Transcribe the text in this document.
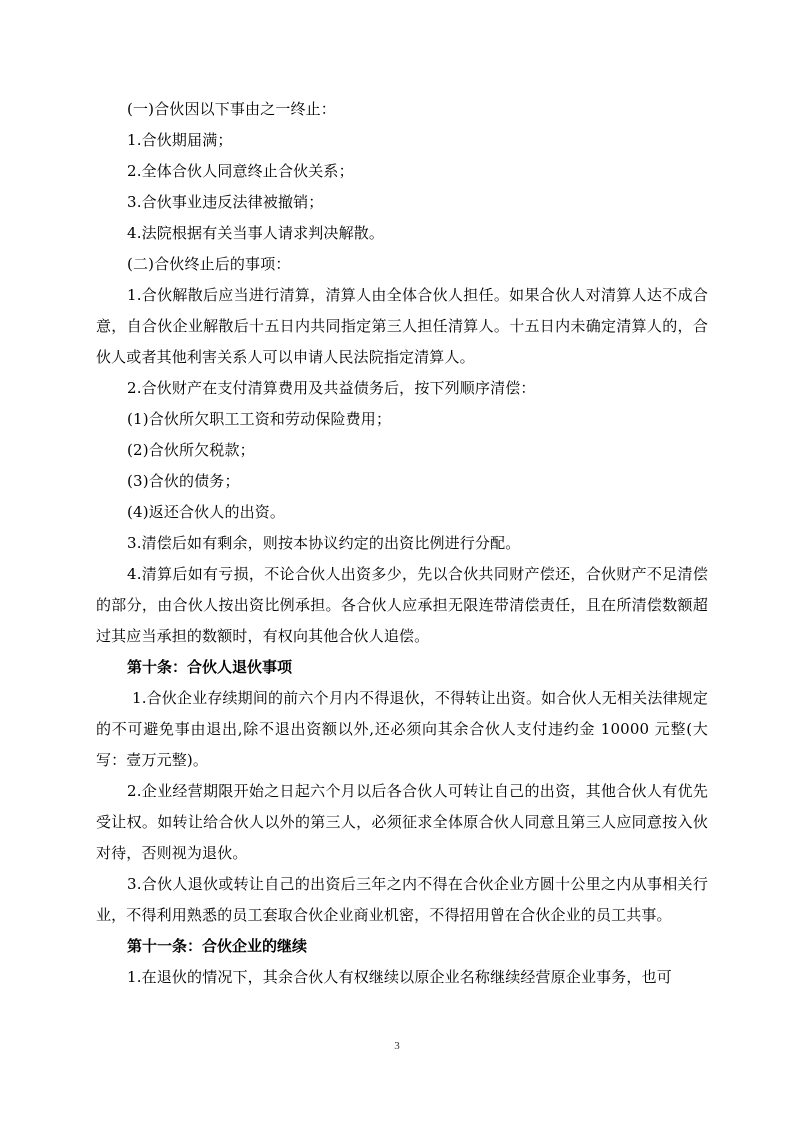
(一)合伙因以下事由之一终止：

1.合伙期届满；

2.全体合伙人同意终止合伙关系；

3.合伙事业违反法律被撤销；

4.法院根据有关当事人请求判决解散。

(二)合伙终止后的事项：

1.合伙解散后应当进行清算，清算人由全体合伙人担任。如果合伙人对清算人达不成合意，自合伙企业解散后十五日内共同指定第三人担任清算人。十五日内未确定清算人的，合伙人或者其他利害关系人可以申请人民法院指定清算人。

2.合伙财产在支付清算费用及共益债务后，按下列顺序清偿：

(1)合伙所欠职工工资和劳动保险费用；

(2)合伙所欠税款；

(3)合伙的债务；

(4)返还合伙人的出资。

3.清偿后如有剩余，则按本协议约定的出资比例进行分配。

4.清算后如有亏损，不论合伙人出资多少，先以合伙共同财产偿还，合伙财产不足清偿的部分，由合伙人按出资比例承担。各合伙人应承担无限连带清偿责任，且在所清偿数额超过其应当承担的数额时，有权向其他合伙人追偿。

第十条：合伙人退伙事项

1.合伙企业存续期间的前六个月内不得退伙，不得转让出资。如合伙人无相关法律规定的不可避免事由退出,除不退出资额以外,还必须向其余合伙人支付违约金 10000 元整(大写：壹万元整)。

2.企业经营期限开始之日起六个月以后各合伙人可转让自己的出资，其他合伙人有优先受让权。如转让给合伙人以外的第三人，必须征求全体原合伙人同意且第三人应同意按入伙对待，否则视为退伙。

3.合伙人退伙或转让自己的出资后三年之内不得在合伙企业方圆十公里之内从事相关行业，不得利用熟悉的员工套取合伙企业商业机密，不得招用曾在合伙企业的员工共事。

第十一条：合伙企业的继续

1.在退伙的情况下，其余合伙人有权继续以原企业名称继续经营原企业事务，也可

3
